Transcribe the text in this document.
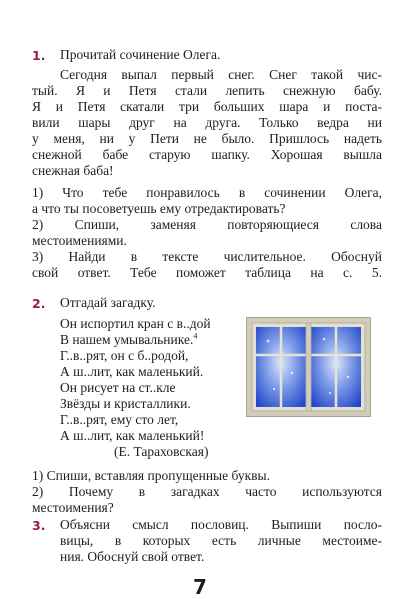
1. Прочитай сочинение Олега.
Сегодня выпал первый снег. Снег такой чис-
тый. Я и Петя стали лепить снежную бабу.
Я и Петя скатали три больших шара и поста-
вили шары друг на друга. Только ведра ни
у меня, ни у Пети не было. Пришлось надеть
снежной бабе старую шапку. Хорошая вышла
снежная баба!
1) Что тебе понравилось в сочинении Олега,
а что ты посоветуешь ему отредактировать?
2) Спиши, заменяя повторяющиеся слова
местоимениями.
3) Найди в тексте числительное. Обоснуй
свой ответ. Тебе поможет таблица на с. 5.
2. Отгадай загадку.
Он испортил кран с в..дой
В нашем умывальнике.$^4$
Г..в..рят, он с б..родой,
А ш..лит, как маленький.
Он рисует на ст..кле
Звёзды и кристаллики.
Г..в..рят, ему сто лет,
А ш..лит, как маленький!
(Е. Тараховская)
1) Спиши, вставляя пропущенные буквы.
2) Почему в загадках часто используются
местоимения?
3. Объясни смысл пословиц. Выпиши посло-
вицы, в которых есть личные местоиме-
ния. Обоснуй свой ответ.
7
